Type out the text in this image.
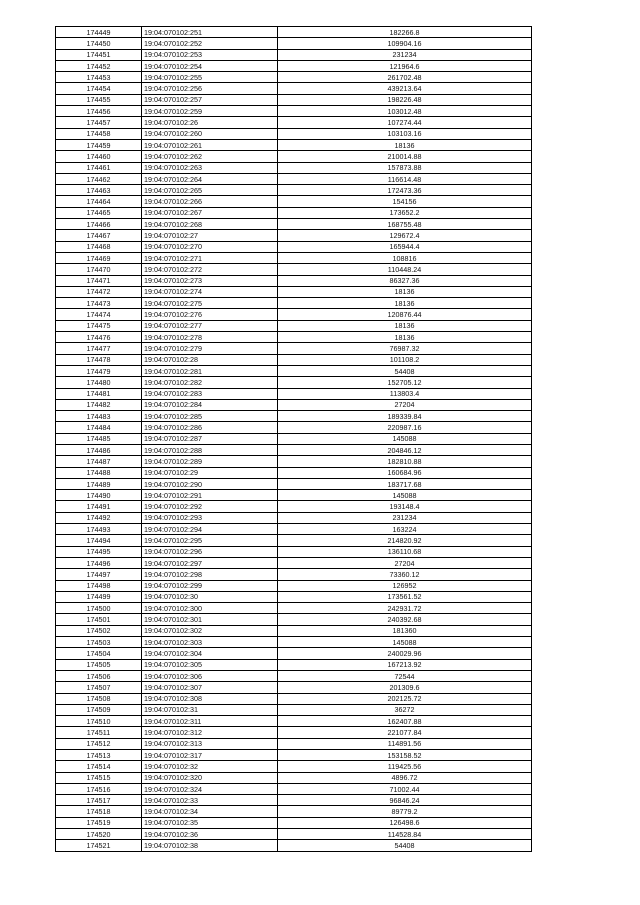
174449	19:04:070102:251	182266.8
174450	19:04:070102:252	109904.16
174451	19:04:070102:253	231234
174452	19:04:070102:254	121964.6
174453	19:04:070102:255	261702.48
174454	19:04:070102:256	439213.64
174455	19:04:070102:257	198226.48
174456	19:04:070102:259	103012.48
174457	19:04:070102:26	107274.44
174458	19:04:070102:260	103103.16
174459	19:04:070102:261	18136
174460	19:04:070102:262	210014.88
174461	19:04:070102:263	157873.88
174462	19:04:070102:264	116614.48
174463	19:04:070102:265	172473.36
174464	19:04:070102:266	154156
174465	19:04:070102:267	173652.2
174466	19:04:070102:268	168755.48
174467	19:04:070102:27	129672.4
174468	19:04:070102:270	165944.4
174469	19:04:070102:271	108816
174470	19:04:070102:272	110448.24
174471	19:04:070102:273	86327.36
174472	19:04:070102:274	18136
174473	19:04:070102:275	18136
174474	19:04:070102:276	120876.44
174475	19:04:070102:277	18136
174476	19:04:070102:278	18136
174477	19:04:070102:279	76987.32
174478	19:04:070102:28	101108.2
174479	19:04:070102:281	54408
174480	19:04:070102:282	152705.12
174481	19:04:070102:283	113803.4
174482	19:04:070102:284	27204
174483	19:04:070102:285	189339.84
174484	19:04:070102:286	220987.16
174485	19:04:070102:287	145088
174486	19:04:070102:288	204846.12
174487	19:04:070102:289	182810.88
174488	19:04:070102:29	160684.96
174489	19:04:070102:290	183717.68
174490	19:04:070102:291	145088
174491	19:04:070102:292	193148.4
174492	19:04:070102:293	231234
174493	19:04:070102:294	163224
174494	19:04:070102:295	214820.92
174495	19:04:070102:296	136110.68
174496	19:04:070102:297	27204
174497	19:04:070102:298	73360.12
174498	19:04:070102:299	126952
174499	19:04:070102:30	173561.52
174500	19:04:070102:300	242931.72
174501	19:04:070102:301	240392.68
174502	19:04:070102:302	181360
174503	19:04:070102:303	145088
174504	19:04:070102:304	240029.96
174505	19:04:070102:305	167213.92
174506	19:04:070102:306	72544
174507	19:04:070102:307	201309.6
174508	19:04:070102:308	202125.72
174509	19:04:070102:31	36272
174510	19:04:070102:311	162407.88
174511	19:04:070102:312	221077.84
174512	19:04:070102:313	114891.56
174513	19:04:070102:317	153158.52
174514	19:04:070102:32	119425.56
174515	19:04:070102:320	4896.72
174516	19:04:070102:324	71002.44
174517	19:04:070102:33	96846.24
174518	19:04:070102:34	89779.2
174519	19:04:070102:35	126498.6
174520	19:04:070102:36	114528.84
174521	19:04:070102:38	54408
